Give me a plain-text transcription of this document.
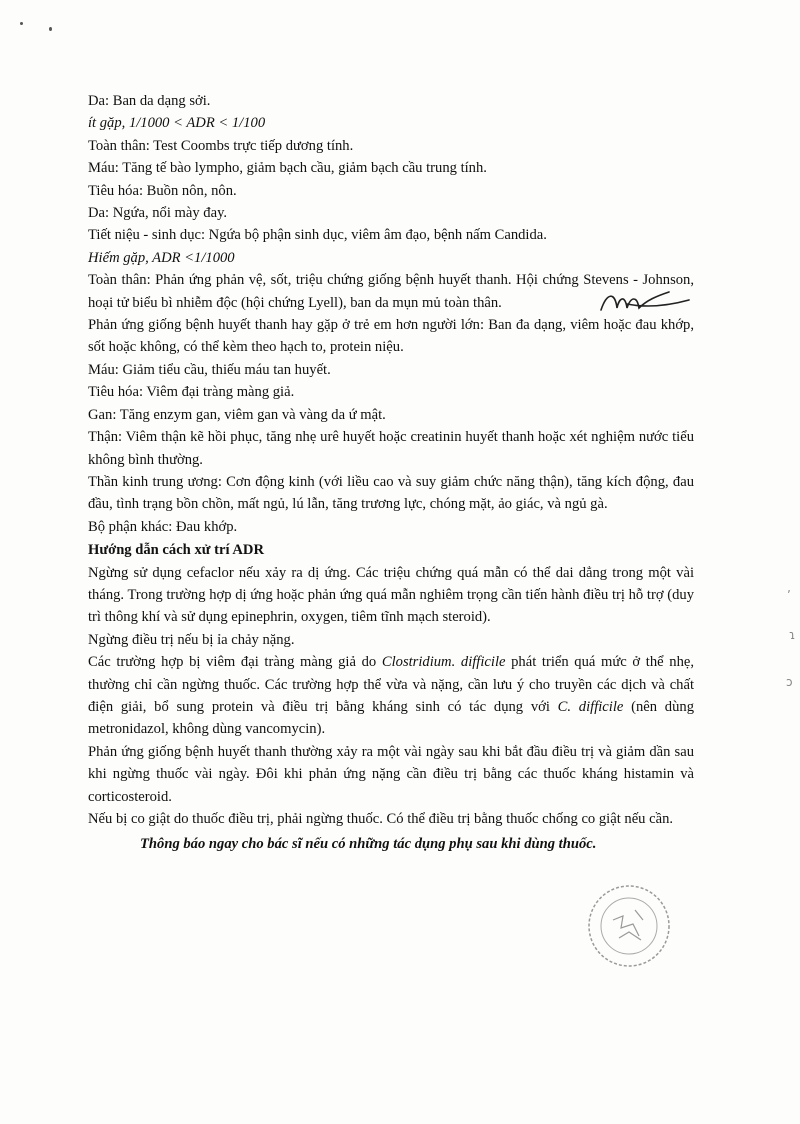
՚
ɿ
ɔ
Da: Ban da dạng sởi.
ít gặp, 1/1000 < ADR < 1/100
Toàn thân: Test Coombs trực tiếp dương tính.
Máu: Tăng tế bào lympho, giảm bạch cầu, giảm bạch cầu trung tính.
Tiêu hóa: Buồn nôn, nôn.
Da: Ngứa, nổi mày đay.
Tiết niệu - sinh dục: Ngứa bộ phận sinh dục, viêm âm đạo, bệnh nấm Candida.
Hiếm gặp, ADR <1/1000
Toàn thân: Phản ứng phản vệ, sốt, triệu chứng giống bệnh huyết thanh. Hội chứng Stevens - Johnson, hoại tử biểu bì nhiễm độc (hội chứng Lyell), ban da mụn mủ toàn thân.
Phản ứng giống bệnh huyết thanh hay gặp ở trẻ em hơn người lớn: Ban đa dạng, viêm hoặc đau khớp, sốt hoặc không, có thể kèm theo hạch to, protein niệu.
Máu: Giảm tiểu cầu, thiếu máu tan huyết.
Tiêu hóa: Viêm đại tràng màng giả.
Gan: Tăng enzym gan, viêm gan và vàng da ứ mật.
Thận: Viêm thận kẽ hồi phục, tăng nhẹ urê huyết hoặc creatinin huyết thanh hoặc xét nghiệm nước tiểu không bình thường.
Thần kinh trung ương: Cơn động kinh (với liều cao và suy giảm chức năng thận), tăng kích động, đau đầu, tình trạng bồn chồn, mất ngủ, lú lẫn, tăng trương lực, chóng mặt, ảo giác, và ngủ gà.
Bộ phận khác: Đau khớp.
Hướng dẫn cách xử trí ADR
Ngừng sử dụng cefaclor nếu xảy ra dị ứng. Các triệu chứng quá mẫn có thể dai dẳng trong một vài tháng. Trong trường hợp dị ứng hoặc phản ứng quá mẫn nghiêm trọng cần tiến hành điều trị hỗ trợ (duy trì thông khí và sử dụng epinephrin, oxygen, tiêm tĩnh mạch steroid).
Ngừng điều trị nếu bị ỉa chảy nặng.
Các trường hợp bị viêm đại tràng màng giả do Clostridium. difficile phát triển quá mức ở thể nhẹ, thường chỉ cần ngừng thuốc. Các trường hợp thể vừa và nặng, cần lưu ý cho truyền các dịch và chất điện giải, bổ sung protein và điều trị bằng kháng sinh có tác dụng với C. difficile (nên dùng metronidazol, không dùng vancomycin).
Phản ứng giống bệnh huyết thanh thường xảy ra một vài ngày sau khi bắt đầu điều trị và giảm dần sau khi ngừng thuốc vài ngày. Đôi khi phản ứng nặng cần điều trị bằng các thuốc kháng histamin và corticosteroid.
Nếu bị co giật do thuốc điều trị, phải ngừng thuốc. Có thể điều trị bằng thuốc chống co giật nếu cần.
Thông báo ngay cho bác sĩ nếu có những tác dụng phụ sau khi dùng thuốc.
